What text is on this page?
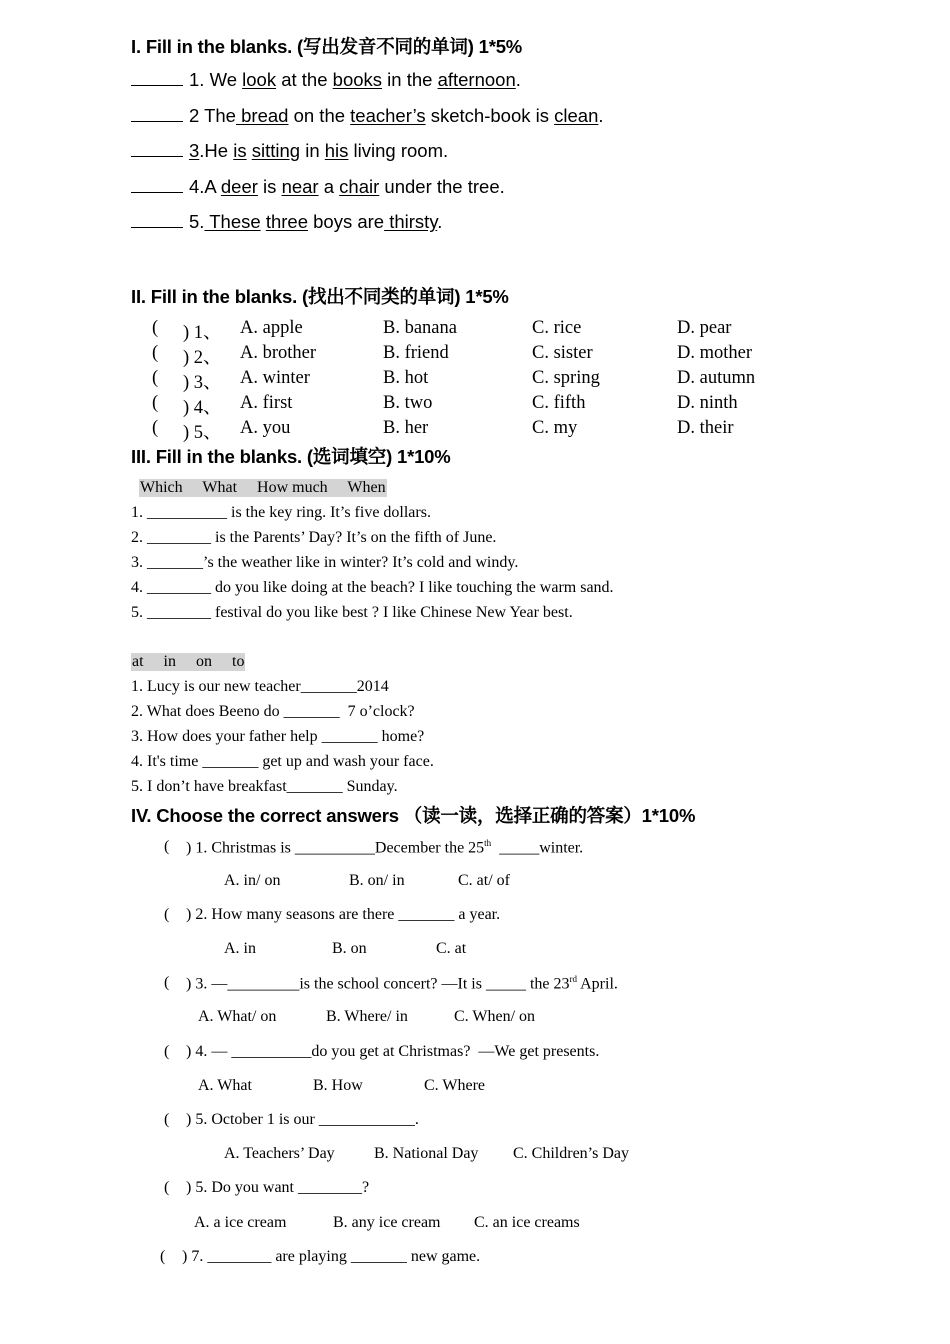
I. Fill in the blanks. (写出发音不同的单词) 1*5%
1. We look at the books in the afternoon.
2 The bread on the teacher’s sketch-book is clean.
3.He is sitting in his living room.
4.A deer is near a chair under the tree.
5. These three boys are thirsty.
II. Fill in the blanks. (找出不同类的单词) 1*5%
( ) 1、 A. apple	B. banana	C. rice	D. pear
( ) 2、 A. brother	B. friend	C. sister	D. mother
( ) 3、 A. winter	B. hot	C. spring	D. autumn
( ) 4、 A. first	B. two	C. fifth	D. ninth
( ) 5、 A. you	B. her	C. my	D. their
III. Fill in the blanks. (选词填空) 1*10%
Which     What     How much     When
1. __________ is the key ring. It’s five dollars.
2. ________ is the Parents’ Day? It’s on the fifth of June.
3. _______’s the weather like in winter? It’s cold and windy.
4. ________ do you like doing at the beach? I like touching the warm sand.
5. ________ festival do you like best ? I like Chinese New Year best.
at     in     on     to
1. Lucy is our new teacher_______2014
2. What does Beeno do _______  7 o’clock?
3. How does your father help _______ home?
4. It's time _______ get up and wash your face.
5. I don’t have breakfast_______ Sunday.
IV. Choose the correct answers （读一读，选择正确的答案）1*10%
( ) 1. Christmas is __________December the 25th  _____winter.
A. in/ on	B. on/ in	C. at/ of
( ) 2. How many seasons are there _______ a year.
A. in	B. on	C. at
( ) 3. —_________is the school concert? —It is _____ the 23rd April.
A. What/ on	B. Where/ in	C. When/ on
( ) 4. — __________do you get at Christmas?  —We get presents.
A. What	B. How	C. Where
( ) 5. October 1 is our ____________.
A. Teachers’ Day B. National Day C. Children’s Day
( ) 5. Do you want ________?
A. a ice cream	B. any ice cream C. an ice creams
( ) 7. ________ are playing _______ new game.
